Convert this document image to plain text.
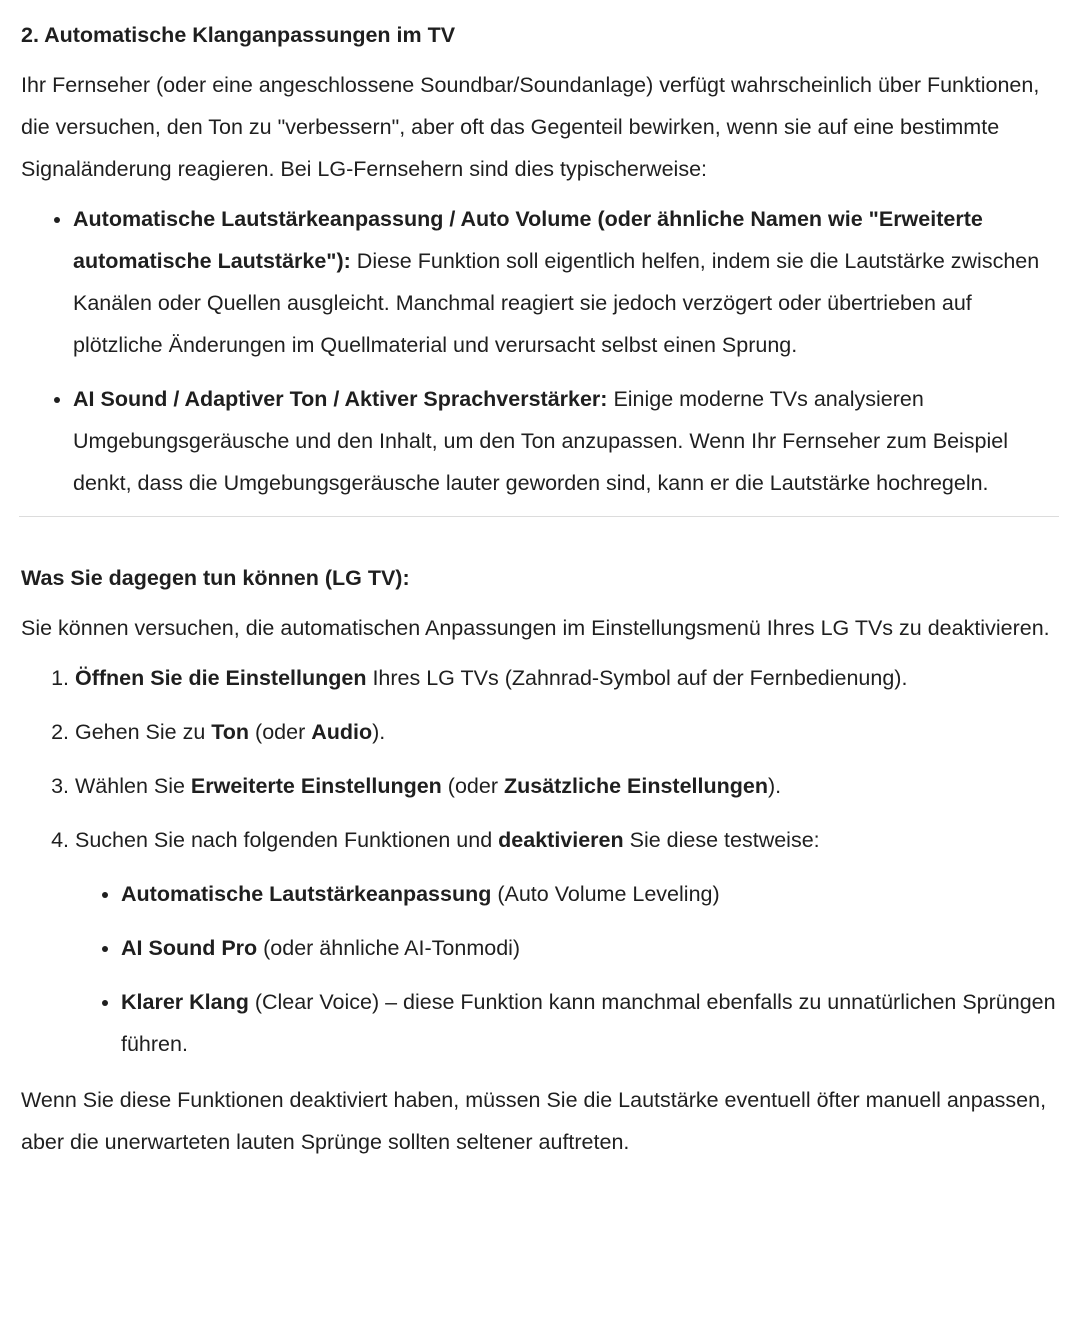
2. Automatische Klanganpassungen im TV

Ihr Fernseher (oder eine angeschlossene Soundbar/Soundanlage) verfügt wahrscheinlich über Funktionen, die versuchen, den Ton zu "verbessern", aber oft das Gegenteil bewirken, wenn sie auf eine bestimmte Signaländerung reagieren. Bei LG-Fernsehern sind dies typischerweise:

• Automatische Lautstärkeanpassung / Auto Volume (oder ähnliche Namen wie "Erweiterte automatische Lautstärke"): Diese Funktion soll eigentlich helfen, indem sie die Lautstärke zwischen Kanälen oder Quellen ausgleicht. Manchmal reagiert sie jedoch verzögert oder übertrieben auf plötzliche Änderungen im Quellmaterial und verursacht selbst einen Sprung.
• AI Sound / Adaptiver Ton / Aktiver Sprachverstärker: Einige moderne TVs analysieren Umgebungsgeräusche und den Inhalt, um den Ton anzupassen. Wenn Ihr Fernseher zum Beispiel denkt, dass die Umgebungsgeräusche lauter geworden sind, kann er die Lautstärke hochregeln.
Was Sie dagegen tun können (LG TV):

Sie können versuchen, die automatischen Anpassungen im Einstellungsmenü Ihres LG TVs zu deaktivieren.

1. Öffnen Sie die Einstellungen Ihres LG TVs (Zahnrad-Symbol auf der Fernbedienung).
2. Gehen Sie zu Ton (oder Audio).
3. Wählen Sie Erweiterte Einstellungen (oder Zusätzliche Einstellungen).
4. Suchen Sie nach folgenden Funktionen und deaktivieren Sie diese testweise:
• Automatische Lautstärkeanpassung (Auto Volume Leveling)
• AI Sound Pro (oder ähnliche AI-Tonmodi)
• Klarer Klang (Clear Voice) – diese Funktion kann manchmal ebenfalls zu unnatürlichen Sprüngen führen.

Wenn Sie diese Funktionen deaktiviert haben, müssen Sie die Lautstärke eventuell öfter manuell anpassen, aber die unerwarteten lauten Sprünge sollten seltener auftreten.
